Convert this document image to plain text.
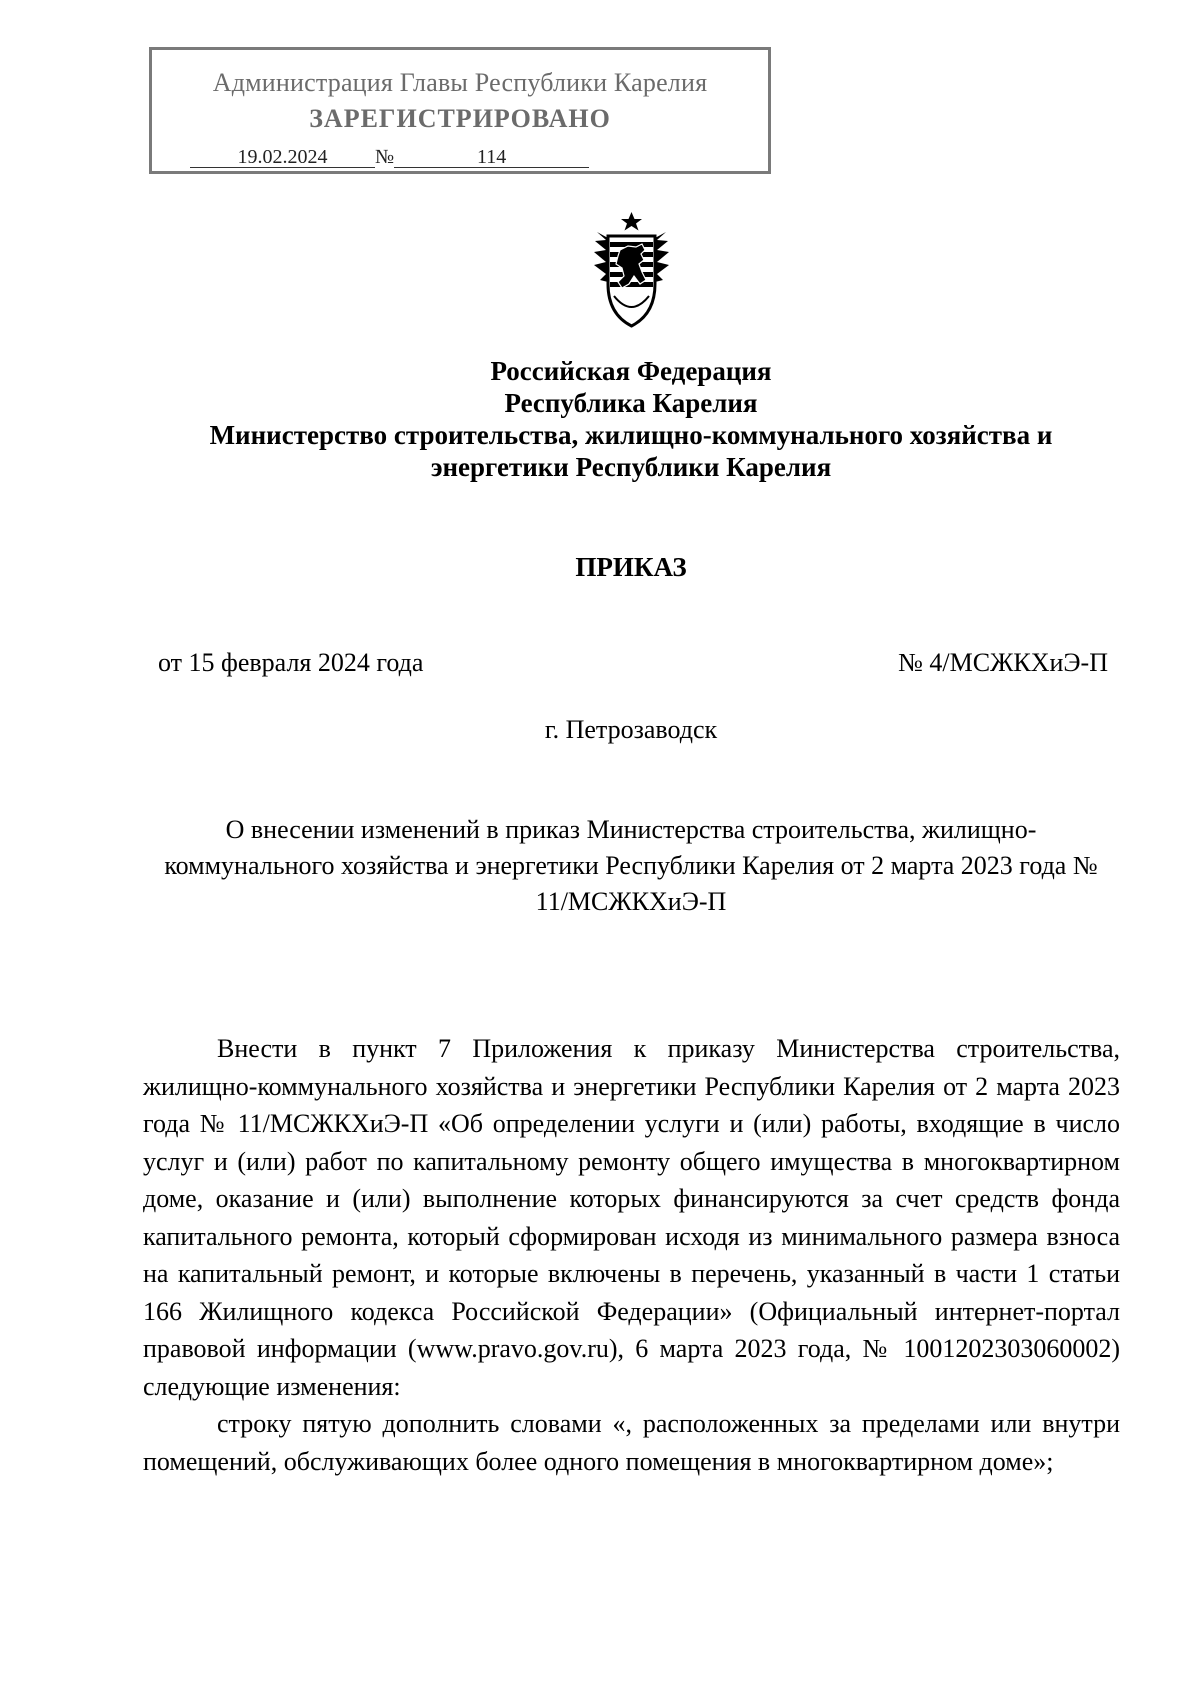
Администрация Главы Республики Карелия
ЗАРЕГИСТРИРОВАНО
19.02.2024 №	114
Российская Федерация
Республика Карелия
Министерство строительства, жилищно-коммунального хозяйства и
энергетики Республики Карелия
ПРИКАЗ
от 15 февраля 2024 года	№ 4/МСЖКХиЭ-П
г. Петрозаводск
О внесении изменений в приказ Министерства строительства, жилищно-коммунального хозяйства и энергетики Республики Карелия от 2 марта 2023 года № 11/МСЖКХиЭ-П

Внести в пункт 7 Приложения к приказу Министерства строительства, жилищно-коммунального хозяйства и энергетики Республики Карелия от 2 марта 2023 года № 11/МСЖКХиЭ-П «Об определении услуги и (или) работы, входящие в число услуг и (или) работ по капитальному ремонту общего имущества в многоквартирном доме, оказание и (или) выполнение которых финансируются за счет средств фонда капитального ремонта, который сформирован исходя из минимального размера взноса на капитальный ремонт, и которые включены в перечень, указанный в части 1 статьи 166 Жилищного кодекса Российской Федерации» (Официальный интернет-портал правовой информации (www.pravo.gov.ru), 6 марта 2023 года, № 1001202303060002) следующие изменения:

строку пятую дополнить словами «, расположенных за пределами или внутри помещений, обслуживающих более одного помещения в многоквартирном доме»;
